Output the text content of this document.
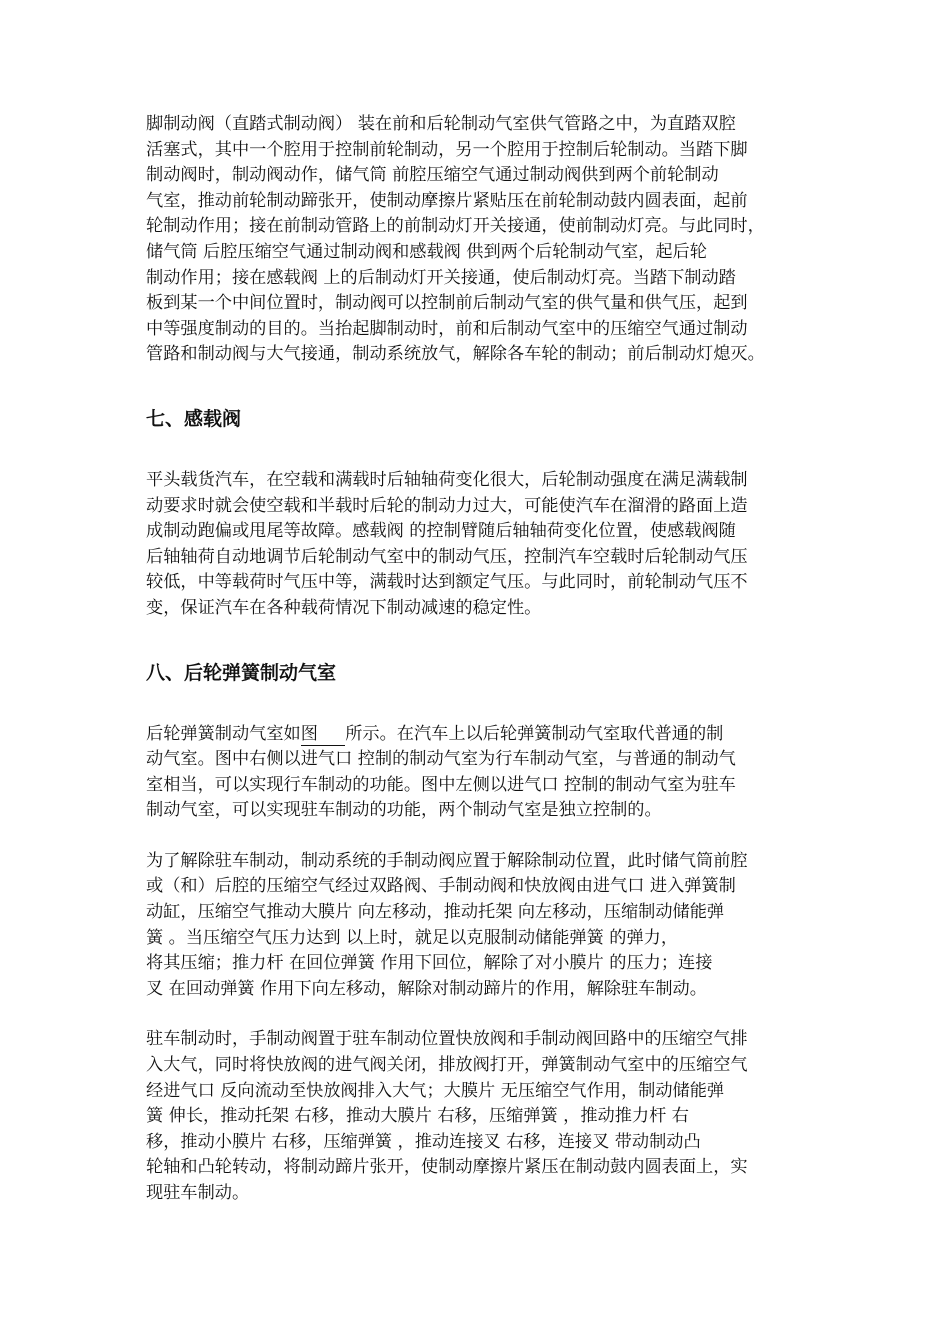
脚制动阀（直踏式制动阀） 装在前和后轮制动气室供气管路之中，为直踏双腔
活塞式，其中一个腔用于控制前轮制动，另一个腔用于控制后轮制动。当踏下脚
制动阀时，制动阀动作，储气筒 前腔压缩空气通过制动阀供到两个前轮制动
气室，推动前轮制动蹄张开，使制动摩擦片紧贴压在前轮制动鼓内圆表面，起前
轮制动作用；接在前制动管路上的前制动灯开关接通，使前制动灯亮。与此同时，
储气筒 后腔压缩空气通过制动阀和感载阀 供到两个后轮制动气室，起后轮
制动作用；接在感载阀 上的后制动灯开关接通，使后制动灯亮。当踏下制动踏
板到某一个中间位置时，制动阀可以控制前后制动气室的供气量和供气压，起到
中等强度制动的目的。当抬起脚制动时，前和后制动气室中的压缩空气通过制动
管路和制动阀与大气接通，制动系统放气，解除各车轮的制动；前后制动灯熄灭。

七、感载阀

平头载货汽车，在空载和满载时后轴轴荷变化很大，后轮制动强度在满足满载制
动要求时就会使空载和半载时后轮的制动力过大，可能使汽车在溜滑的路面上造
成制动跑偏或甩尾等故障。感载阀 的控制臂随后轴轴荷变化位置，使感载阀随
后轴轴荷自动地调节后轮制动气室中的制动气压，控制汽车空载时后轮制动气压
较低，中等载荷时气压中等，满载时达到额定气压。与此同时，前轮制动气压不
变，保证汽车在各种载荷情况下制动减速的稳定性。

八、后轮弹簧制动气室

后轮弹簧制动气室如图     所示。在汽车上以后轮弹簧制动气室取代普通的制
动气室。图中右侧以进气口 控制的制动气室为行车制动气室，与普通的制动气
室相当，可以实现行车制动的功能。图中左侧以进气口 控制的制动气室为驻车
制动气室，可以实现驻车制动的功能，两个制动气室是独立控制的。

为了解除驻车制动，制动系统的手制动阀应置于解除制动位置，此时储气筒前腔
或（和）后腔的压缩空气经过双路阀、手制动阀和快放阀由进气口 进入弹簧制
动缸，压缩空气推动大膜片 向左移动，推动托架 向左移动，压缩制动储能弹
簧 。当压缩空气压力达到 以上时，就足以克服制动储能弹簧 的弹力，
将其压缩；推力杆 在回位弹簧 作用下回位，解除了对小膜片 的压力；连接
叉 在回动弹簧 作用下向左移动，解除对制动蹄片的作用，解除驻车制动。

驻车制动时，手制动阀置于驻车制动位置快放阀和手制动阀回路中的压缩空气排
入大气，同时将快放阀的进气阀关闭，排放阀打开，弹簧制动气室中的压缩空气
经进气口 反向流动至快放阀排入大气；大膜片 无压缩空气作用，制动储能弹
簧 伸长，推动托架 右移，推动大膜片 右移，压缩弹簧 ，推动推力杆 右
移，推动小膜片 右移，压缩弹簧 ，推动连接叉 右移，连接叉 带动制动凸
轮轴和凸轮转动，将制动蹄片张开，使制动摩擦片紧压在制动鼓内圆表面上，实
现驻车制动。
